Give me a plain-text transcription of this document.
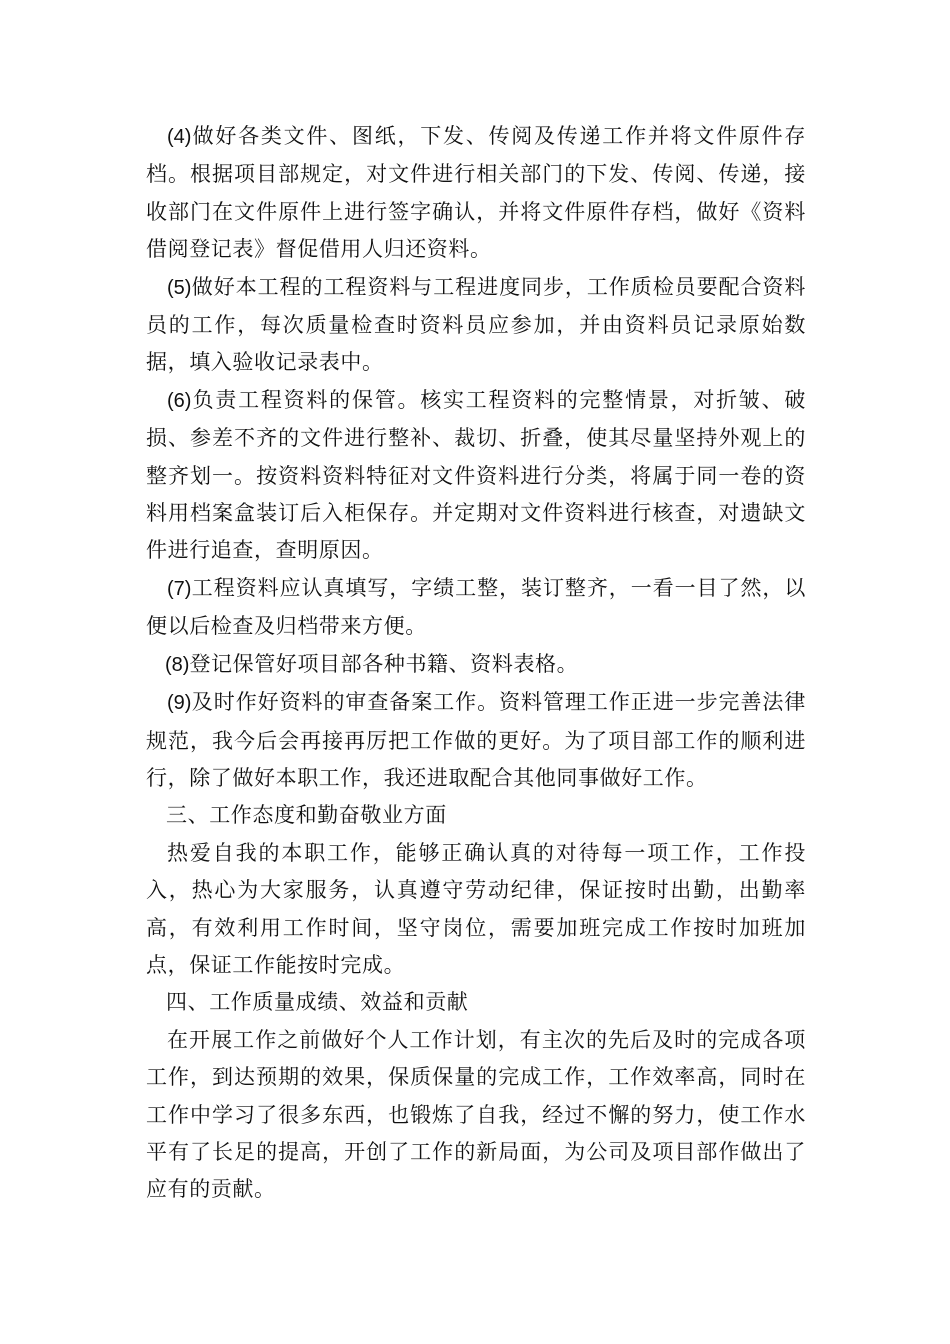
(4)做好各类文件、图纸，下发、传阅及传递工作并将文件原件存档。根据项目部规定，对文件进行相关部门的下发、传阅、传递，接收部门在文件原件上进行签字确认，并将文件原件存档，做好《资料借阅登记表》督促借用人归还资料。

(5)做好本工程的工程资料与工程进度同步，工作质检员要配合资料员的工作，每次质量检查时资料员应参加，并由资料员记录原始数据，填入验收记录表中。

(6)负责工程资料的保管。核实工程资料的完整情景，对折皱、破损、参差不齐的文件进行整补、裁切、折叠，使其尽量坚持外观上的整齐划一。按资料资料特征对文件资料进行分类，将属于同一卷的资料用档案盒装订后入柜保存。并定期对文件资料进行核查，对遗缺文件进行追查，查明原因。

(7)工程资料应认真填写，字绩工整，装订整齐，一看一目了然，以便以后检查及归档带来方便。

(8)登记保管好项目部各种书籍、资料表格。

(9)及时作好资料的审查备案工作。资料管理工作正进一步完善法律规范，我今后会再接再厉把工作做的更好。为了项目部工作的顺利进行，除了做好本职工作，我还进取配合其他同事做好工作。

三、工作态度和勤奋敬业方面

热爱自我的本职工作，能够正确认真的对待每一项工作，工作投入，热心为大家服务，认真遵守劳动纪律，保证按时出勤，出勤率高，有效利用工作时间，坚守岗位，需要加班完成工作按时加班加点，保证工作能按时完成。

四、工作质量成绩、效益和贡献

在开展工作之前做好个人工作计划，有主次的先后及时的完成各项工作，到达预期的效果，保质保量的完成工作，工作效率高，同时在工作中学习了很多东西，也锻炼了自我，经过不懈的努力，使工作水平有了长足的提高，开创了工作的新局面，为公司及项目部作做出了应有的贡献。
